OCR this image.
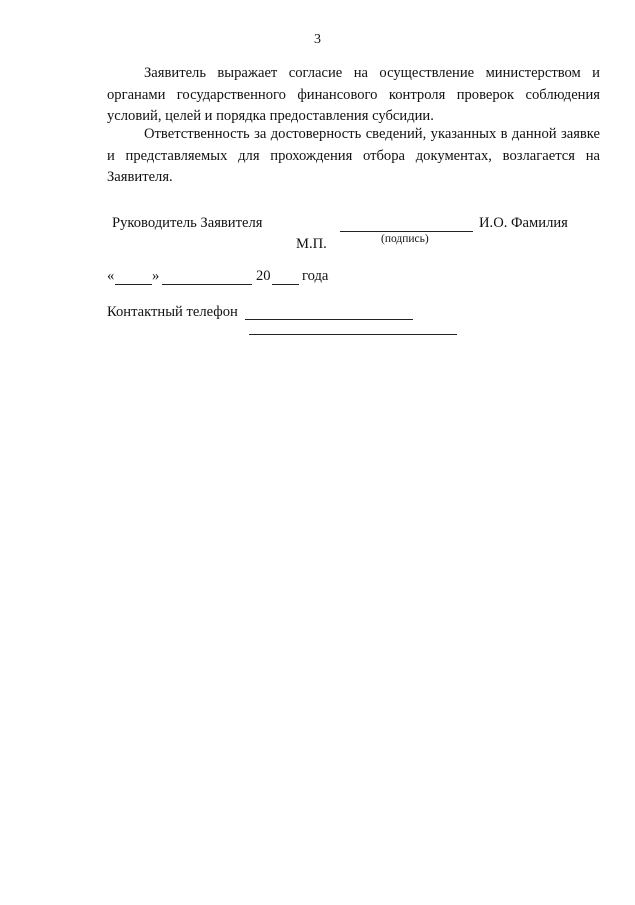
3

Заявитель выражает согласие на осуществление министерством и органами государственного финансового контроля проверок соблюдения условий, целей и порядка предоставления субсидии.

Ответственность за достоверность сведений, указанных в данной заявке и представляемых для прохождения отбора документах, возлагается на Заявителя.

Руководитель Заявителя	И.О. Фамилия
(подпись)
М.П.
«	»	20 года
Контактный телефон
